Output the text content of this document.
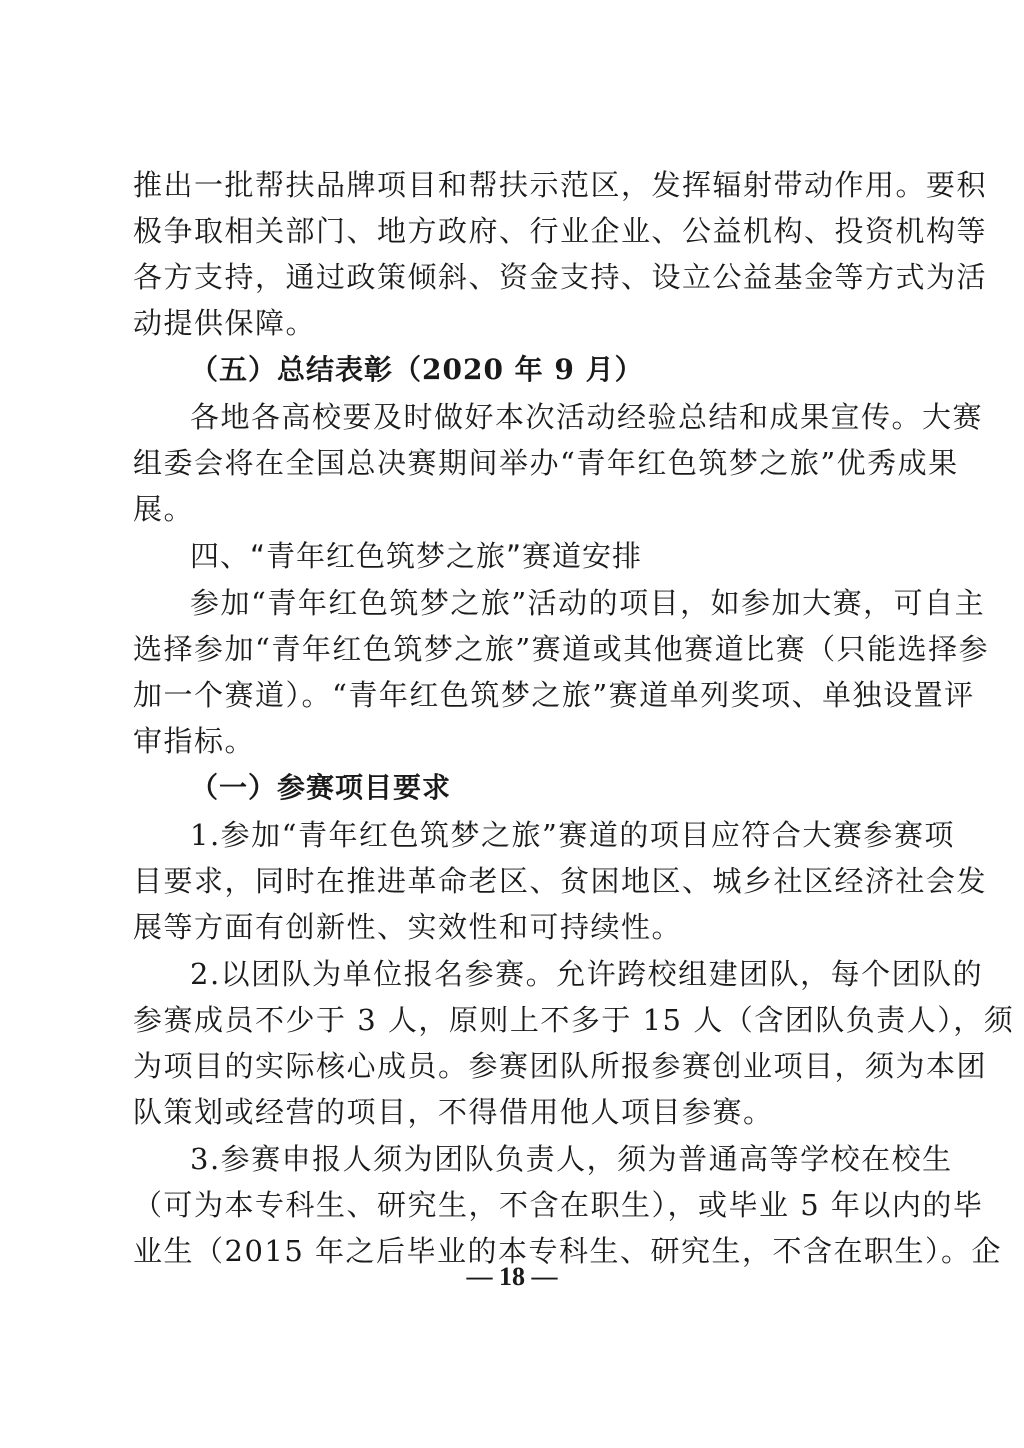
推出一批帮扶品牌项目和帮扶示范区，发挥辐射带动作用。要积
极争取相关部门、地方政府、行业企业、公益机构、投资机构等
各方支持，通过政策倾斜、资金支持、设立公益基金等方式为活
动提供保障。
（五）总结表彰（2020 年 9 月）
各地各高校要及时做好本次活动经验总结和成果宣传。大赛
组委会将在全国总决赛期间举办“青年红色筑梦之旅”优秀成果
展。
四、“青年红色筑梦之旅”赛道安排
参加“青年红色筑梦之旅”活动的项目，如参加大赛，可自主
选择参加“青年红色筑梦之旅”赛道或其他赛道比赛（只能选择参
加一个赛道）。“青年红色筑梦之旅”赛道单列奖项、单独设置评
审指标。
（一）参赛项目要求
1.参加“青年红色筑梦之旅”赛道的项目应符合大赛参赛项
目要求，同时在推进革命老区、贫困地区、城乡社区经济社会发
展等方面有创新性、实效性和可持续性。
2.以团队为单位报名参赛。允许跨校组建团队，每个团队的
参赛成员不少于 3 人，原则上不多于 15 人（含团队负责人），须
为项目的实际核心成员。参赛团队所报参赛创业项目，须为本团
队策划或经营的项目，不得借用他人项目参赛。
3.参赛申报人须为团队负责人，须为普通高等学校在校生
（可为本专科生、研究生，不含在职生），或毕业 5 年以内的毕
业生（2015 年之后毕业的本专科生、研究生，不含在职生）。企
— 18 —
